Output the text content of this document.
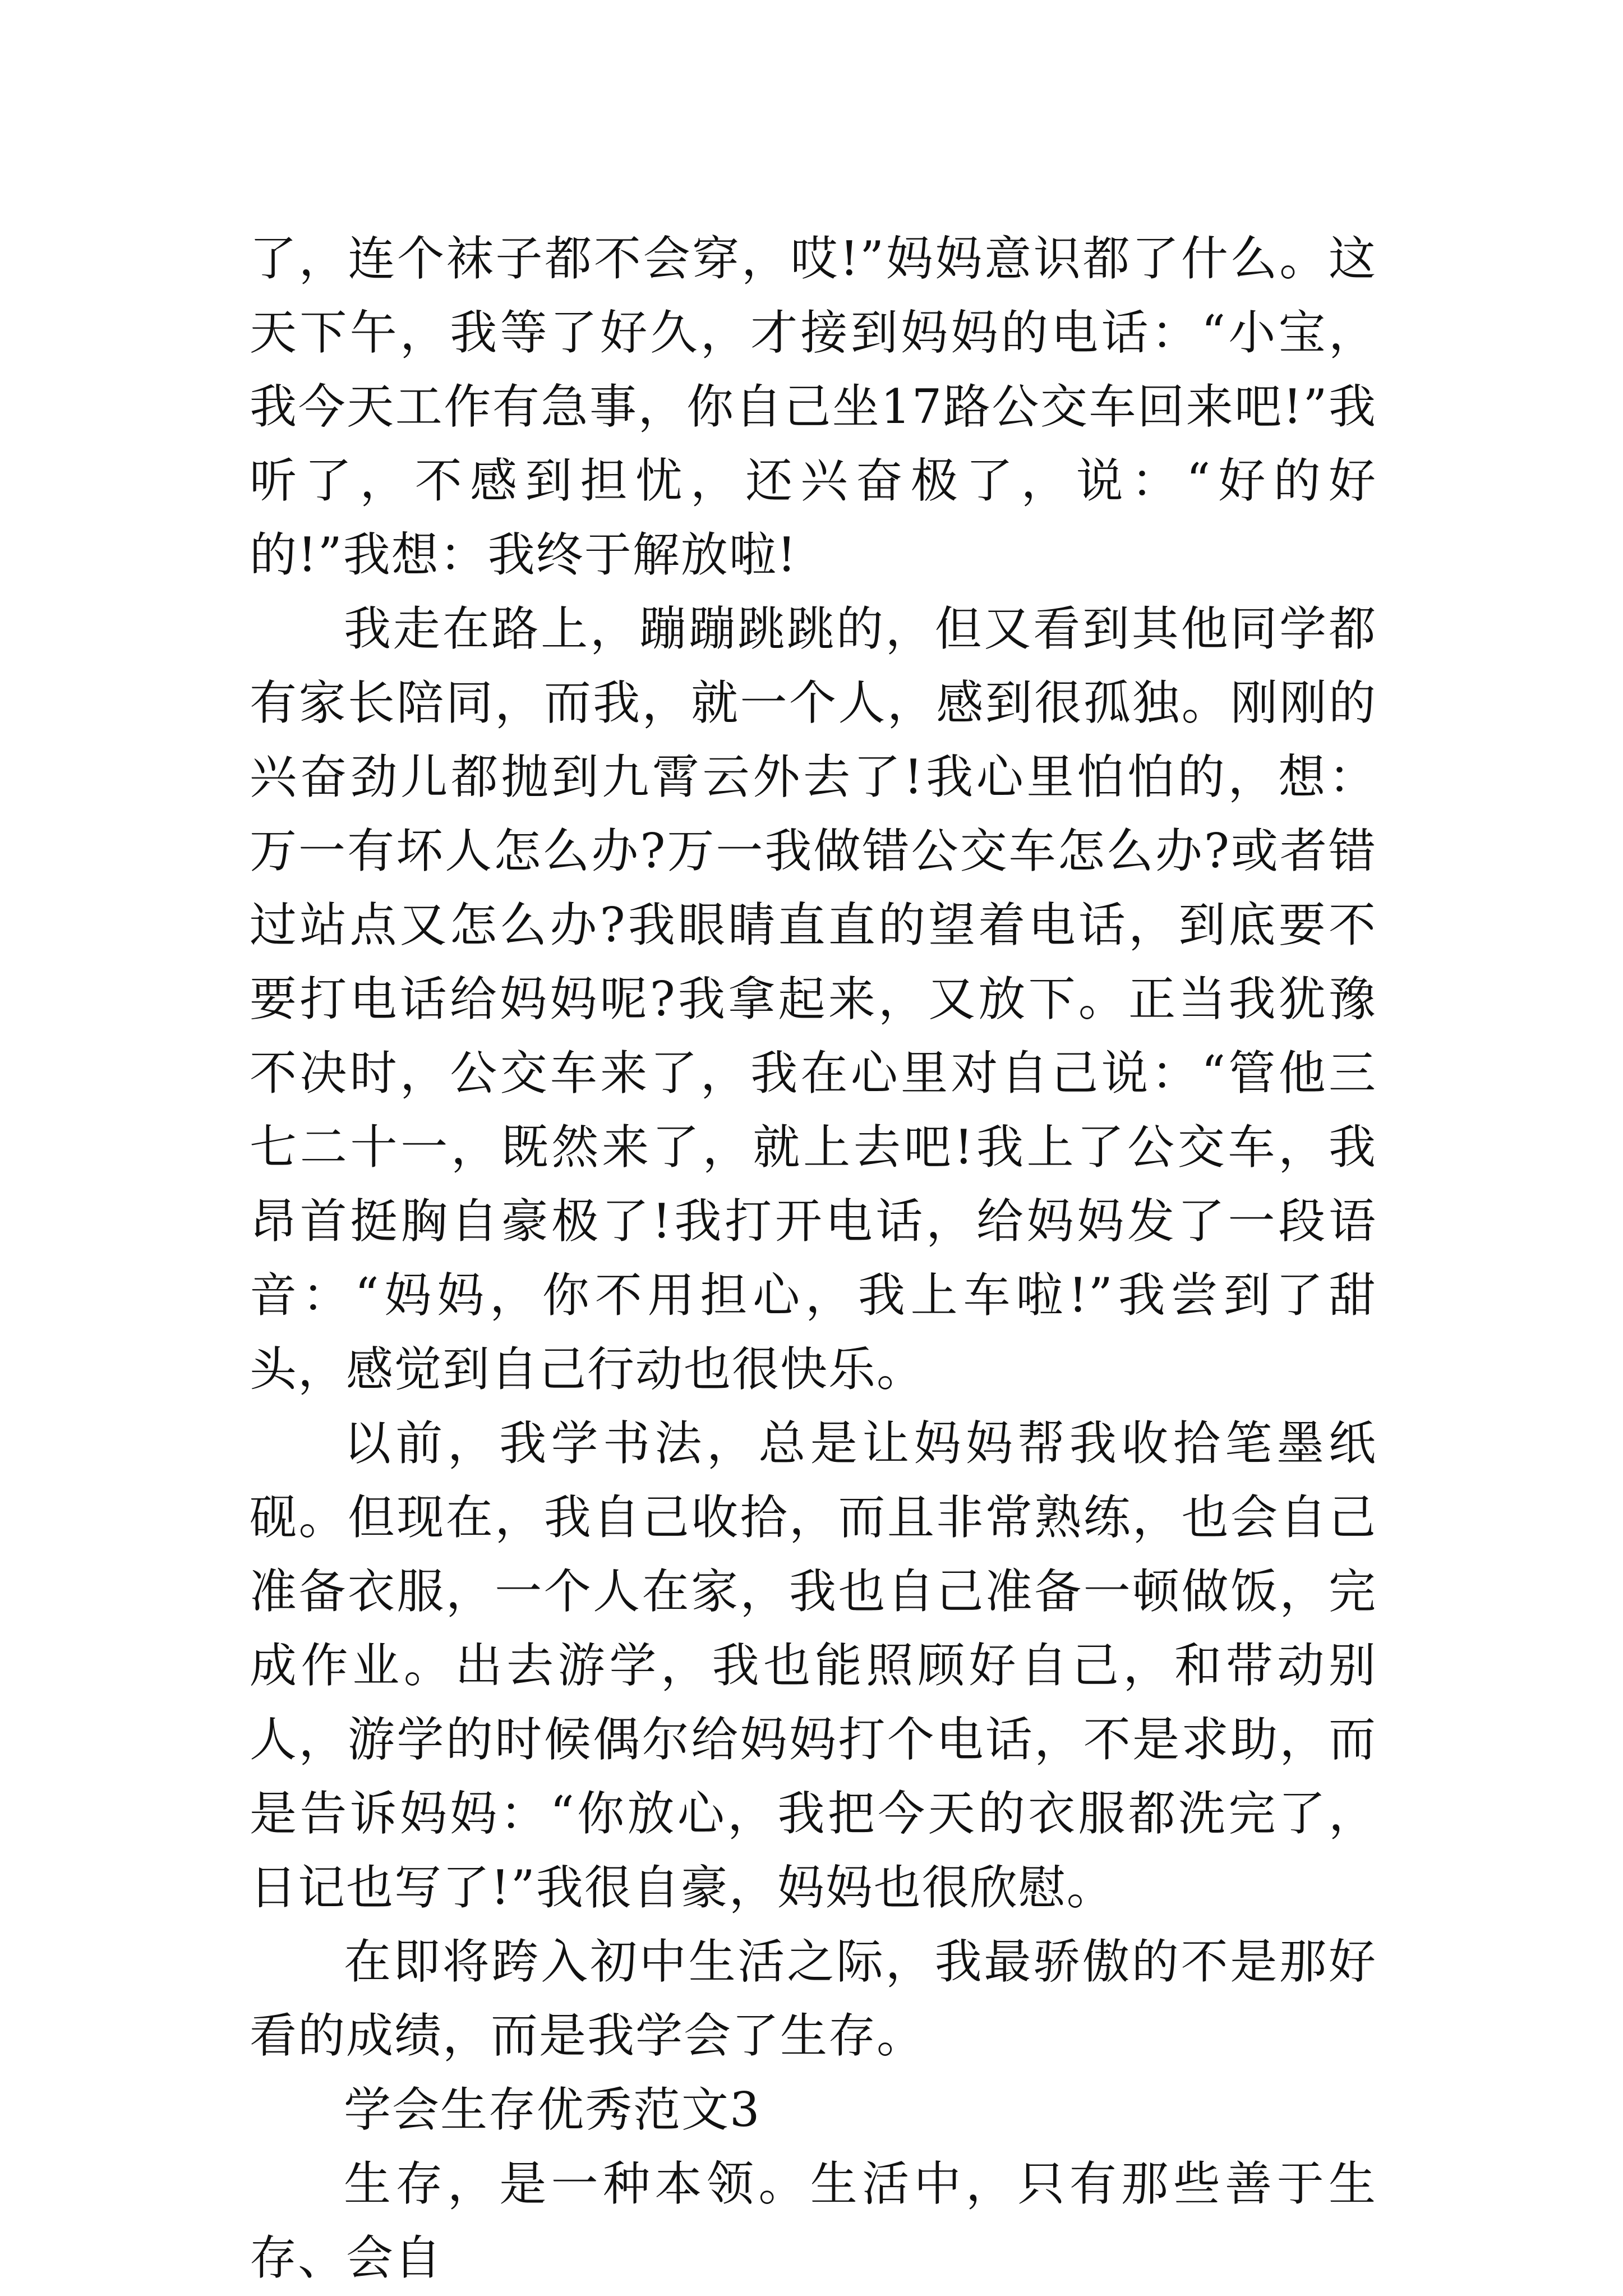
了，连个袜子都不会穿，哎!”妈妈意识都了什么。这天下午，我等了好久，才接到妈妈的电话：“小宝，我今天工作有急事，你自己坐17路公交车回来吧!”我听了，不感到担忧，还兴奋极了，说：“好的好的!”我想：我终于解放啦!

我走在路上，蹦蹦跳跳的，但又看到其他同学都有家长陪同，而我，就一个人，感到很孤独。刚刚的兴奋劲儿都抛到九霄云外去了!我心里怕怕的，想：万一有坏人怎么办?万一我做错公交车怎么办?或者错过站点又怎么办?我眼睛直直的望着电话，到底要不要打电话给妈妈呢?我拿起来，又放下。正当我犹豫不决时，公交车来了，我在心里对自己说：“管他三七二十一，既然来了，就上去吧!我上了公交车，我昂首挺胸自豪极了!我打开电话，给妈妈发了一段语音：“妈妈，你不用担心，我上车啦!”我尝到了甜头，感觉到自己行动也很快乐。

以前，我学书法，总是让妈妈帮我收拾笔墨纸砚。但现在，我自己收拾，而且非常熟练，也会自己准备衣服，一个人在家，我也自己准备一顿做饭，完成作业。出去游学，我也能照顾好自己，和带动别人，游学的时候偶尔给妈妈打个电话，不是求助，而是告诉妈妈：“你放心，我把今天的衣服都洗完了，日记也写了!”我很自豪，妈妈也很欣慰。

在即将跨入初中生活之际，我最骄傲的不是那好看的成绩，而是我学会了生存。

学会生存优秀范文3

生存，是一种本领。生活中，只有那些善于生存、会自
